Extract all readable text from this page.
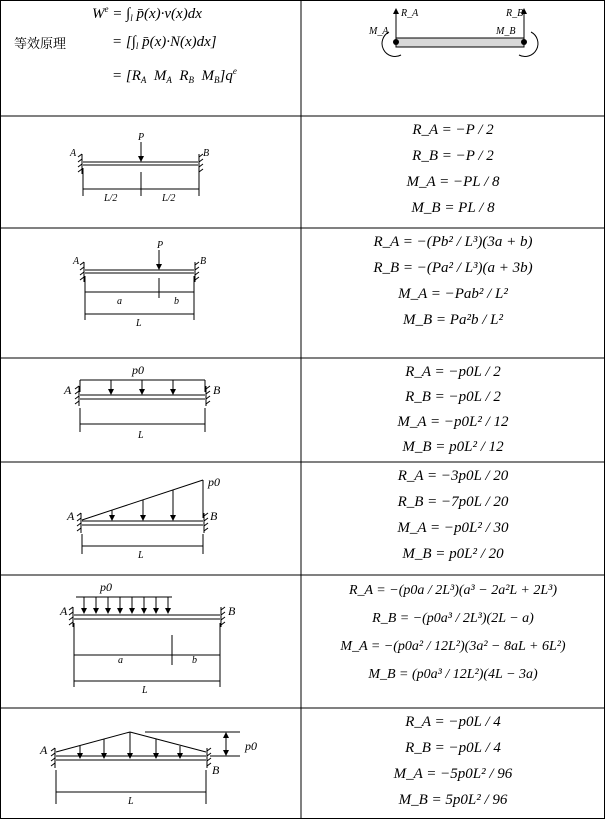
等效原理
$W^e = \int_l$ p̄(x)·v(x)dx
= [$\int_l$ p̄(x)·N(x)dx]
= [$R_A$  $M_A$  $R_B$  $M_B]q^e$
R_A	R_B
M_A	M_B
P
A	B
L/2	L/2
R_A = −P / 2
R_B = −P / 2
M_A = −PL / 8
M_B = PL / 8
P
A	B
a	b
L
R_A = −(Pb² / L³)(3a + b)
R_B = −(Pa² / L³)(a + 3b)
M_A = −Pab² / L²
M_B = Pa²b / L²
p0
A	B
L
R_A = −p0L / 2
R_B = −p0L / 2
M_A = −p0L² / 12
M_B = p0L² / 12
p0
A	B
L
R_A = −3p0L / 20
R_B = −7p0L / 20
M_A = −p0L² / 30
M_B = p0L² / 20
p0
A	B
a	b
L
R_A = −(p0a / 2L³)(a³ − 2a²L + 2L³)
R_B = −(p0a³ / 2L³)(2L − a)
M_A = −(p0a² / 12L²)(3a² − 8aL + 6L²)
M_B = (p0a³ / 12L²)(4L − 3a)
p0
A
B
L
R_A = −p0L / 4
R_B = −p0L / 4
M_A = −5p0L² / 96
M_B = 5p0L² / 96
